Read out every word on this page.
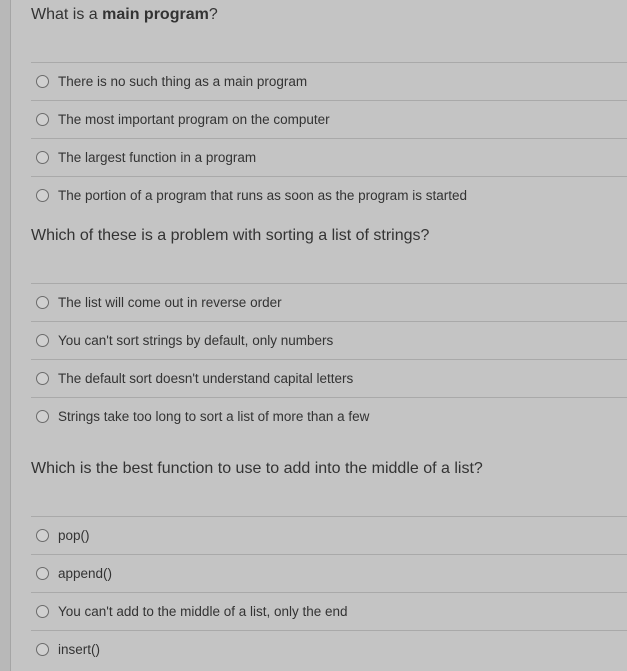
What is a main program?

There is no such thing as a main program
The most important program on the computer
The largest function in a program
The portion of a program that runs as soon as the program is started

Which of these is a problem with sorting a list of strings?

The list will come out in reverse order
You can't sort strings by default, only numbers
The default sort doesn't understand capital letters
Strings take too long to sort a list of more than a few

Which is the best function to use to add into the middle of a list?

pop()
append()
You can't add to the middle of a list, only the end
insert()
